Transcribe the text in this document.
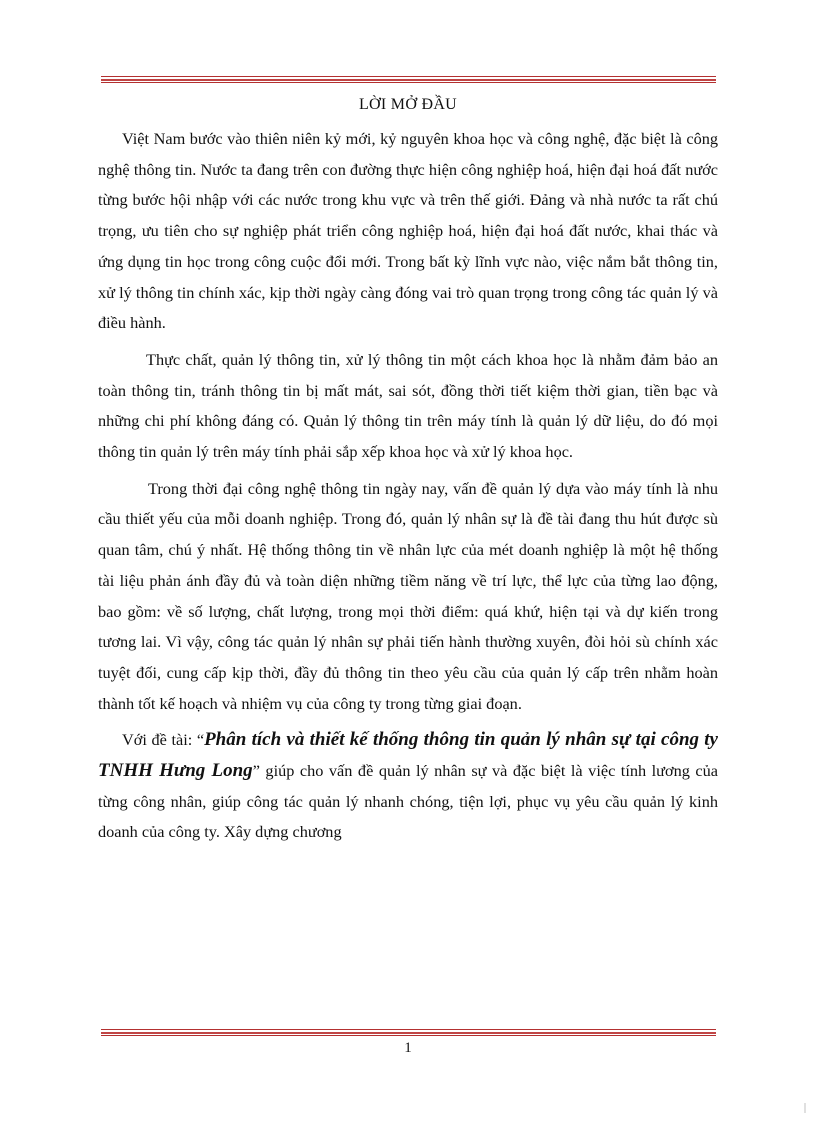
LỜI MỞ ĐẦU

Việt Nam bước vào thiên niên kỷ mới, kỷ nguyên khoa học và công nghệ, đặc biệt là công nghệ thông tin. Nước ta đang trên con đường thực hiện công nghiệp hoá, hiện đại hoá đất nước từng bước hội nhập với các nước trong khu vực và trên thế giới. Đảng và nhà nước ta rất chú trọng, ưu tiên cho sự nghiệp phát triển công nghiệp hoá, hiện đại hoá đất nước, khai thác và ứng dụng tin học trong công cuộc đổi mới. Trong bất kỳ lĩnh vực nào, việc nắm bắt thông tin, xử lý thông tin chính xác, kịp thời ngày càng đóng vai trò quan trọng trong công tác quản lý và điều hành.

Thực chất, quản lý thông tin, xử lý thông tin một cách khoa học là nhằm đảm bảo an toàn thông tin, tránh thông tin bị mất mát, sai sót, đồng thời tiết kiệm thời gian, tiền bạc và những chi phí không đáng có. Quản lý thông tin trên máy tính là quản lý dữ liệu, do đó mọi thông tin quản lý trên máy tính phải sắp xếp khoa học và xử lý khoa học.

Trong thời đại công nghệ thông tin ngày nay, vấn đề quản lý dựa vào máy tính là nhu cầu thiết yếu của mỗi doanh nghiệp. Trong đó, quản lý nhân sự là đề tài đang thu hút được sù quan tâm, chú ý nhất. Hệ thống thông tin về nhân lực của mét doanh nghiệp là một hệ thống tài liệu phản ánh đầy đủ và toàn diện những tiềm năng về trí lực, thể lực của từng lao động, bao gồm: về số lượng, chất lượng, trong mọi thời điểm: quá khứ, hiện tại và dự kiến trong tương lai. Vì vậy, công tác quản lý nhân sự phải tiến hành thường xuyên, đòi hỏi sù chính xác tuyệt đối, cung cấp kịp thời, đầy đủ thông tin theo yêu cầu của quản lý cấp trên nhằm hoàn thành tốt kế hoạch và nhiệm vụ của công ty trong từng giai đoạn.

Với đề tài: “Phân tích và thiết kế thống thông tin quản lý nhân sự tại công ty TNHH Hưng Long” giúp cho vấn đề quản lý nhân sự và đặc biệt là việc tính lương của từng công nhân, giúp công tác quản lý nhanh chóng, tiện lợi, phục vụ yêu cầu quản lý kinh doanh của công ty. Xây dựng chương

1
